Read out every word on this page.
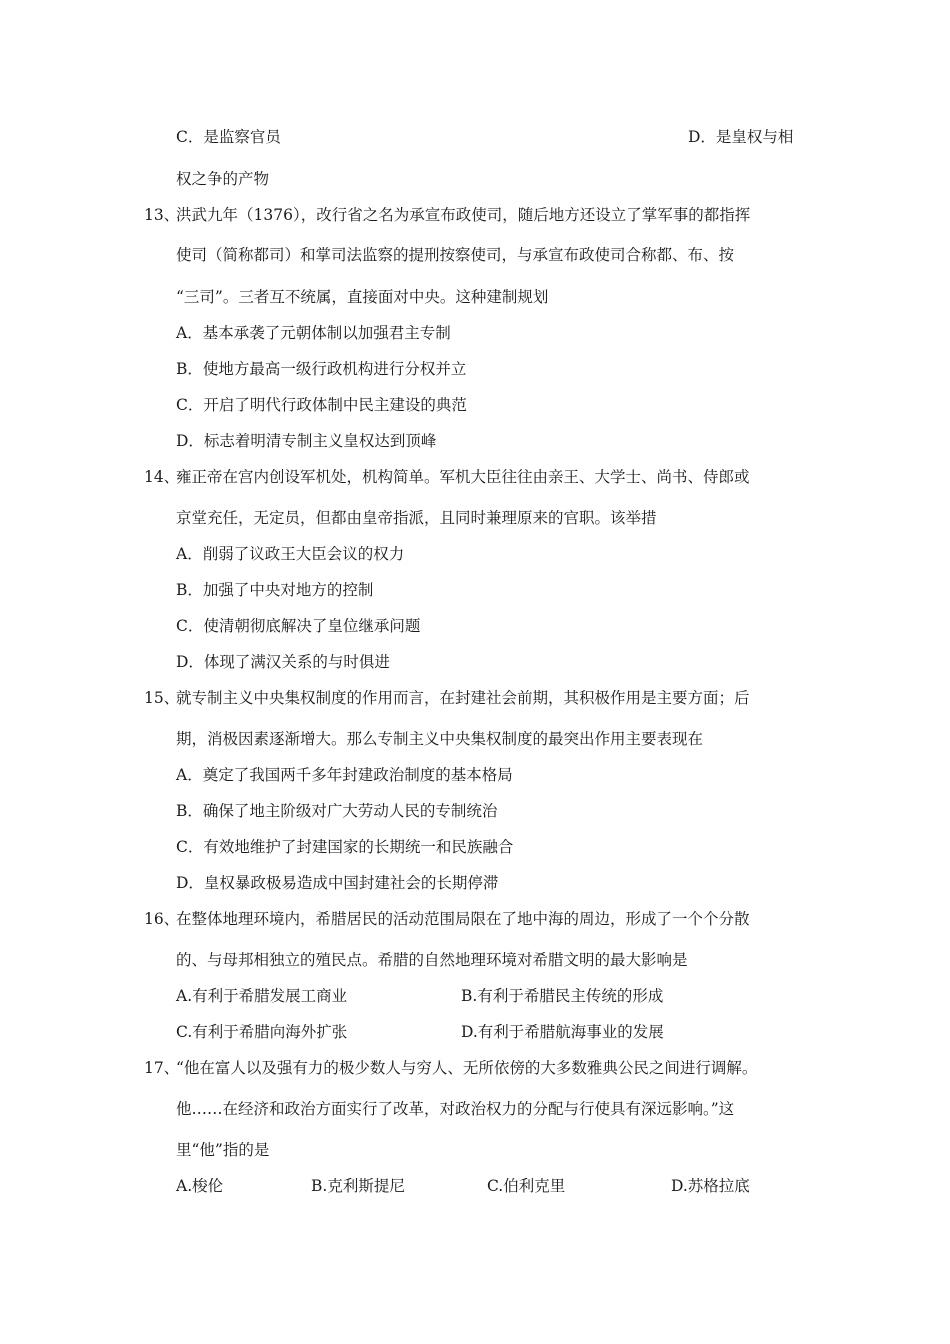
C．是监察官员	D．是皇权与相
权之争的产物
13、
洪武九年（1376），改行省之名为承宣布政使司，随后地方还设立了掌军事的都指挥
使司（简称都司）和掌司法监察的提刑按察使司，与承宣布政使司合称都、布、按
“三司”。三者互不统属，直接面对中央。这种建制规划
A．基本承袭了元朝体制以加强君主专制
B．使地方最高一级行政机构进行分权并立
C．开启了明代行政体制中民主建设的典范
D．标志着明清专制主义皇权达到顶峰
14、
雍正帝在宫内创设军机处，机构简单。军机大臣往往由亲王、大学士、尚书、侍郎或
京堂充任，无定员，但都由皇帝指派，且同时兼理原来的官职。该举措
A．削弱了议政王大臣会议的权力
B．加强了中央对地方的控制
C．使清朝彻底解决了皇位继承问题
D．体现了满汉关系的与时俱进
15、
就专制主义中央集权制度的作用而言，在封建社会前期，其积极作用是主要方面；后
期，消极因素逐渐增大。那么专制主义中央集权制度的最突出作用主要表现在
A．奠定了我国两千多年封建政治制度的基本格局
B．确保了地主阶级对广大劳动人民的专制统治
C．有效地维护了封建国家的长期统一和民族融合
D．皇权暴政极易造成中国封建社会的长期停滞
16、
在整体地理环境内，希腊居民的活动范围局限在了地中海的周边，形成了一个个分散
的、与母邦相独立的殖民点。希腊的自然地理环境对希腊文明的最大影响是
A.有利于希腊发展工商业	B.有利于希腊民主传统的形成
C.有利于希腊向海外扩张	D.有利于希腊航海事业的发展
17、
“他在富人以及强有力的极少数人与穷人、无所依傍的大多数雅典公民之间进行调解。
他……在经济和政治方面实行了改革，对政治权力的分配与行使具有深远影响。”这
里“他”指的是
A.梭伦	B.克利斯提尼	C.伯利克里	D.苏格拉底
